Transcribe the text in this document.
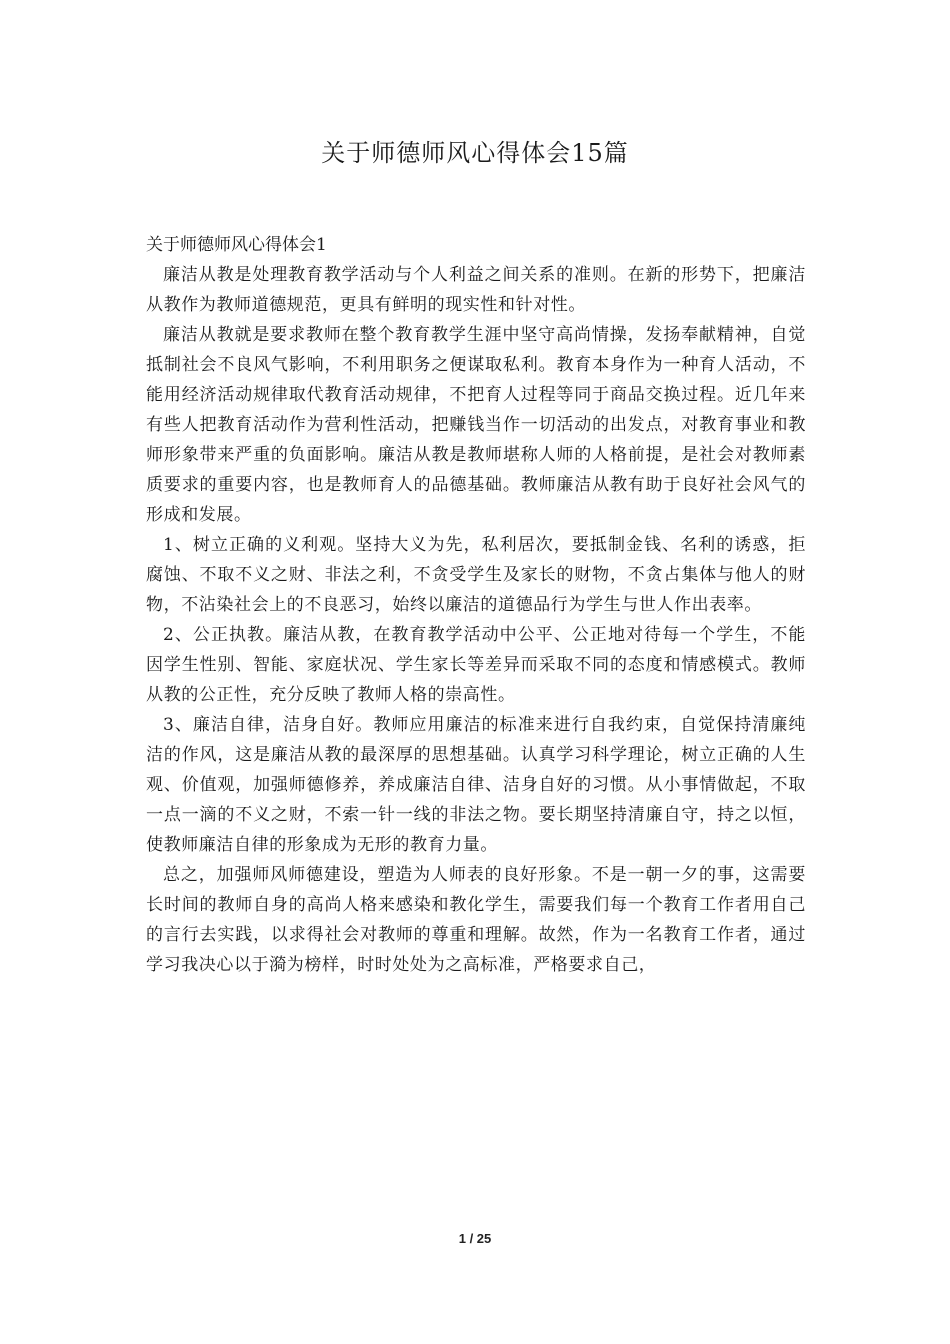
关于师德师风心得体会15篇
关于师德师风心得体会1

廉洁从教是处理教育教学活动与个人利益之间关系的准则。在新的形势下，把廉洁从教作为教师道德规范，更具有鲜明的现实性和针对性。

廉洁从教就是要求教师在整个教育教学生涯中坚守高尚情操，发扬奉献精神，自觉抵制社会不良风气影响，不利用职务之便谋取私利。教育本身作为一种育人活动，不能用经济活动规律取代教育活动规律，不把育人过程等同于商品交换过程。近几年来有些人把教育活动作为营利性活动，把赚钱当作一切活动的出发点，对教育事业和教师形象带来严重的负面影响。廉洁从教是教师堪称人师的人格前提，是社会对教师素质要求的重要内容，也是教师育人的品德基础。教师廉洁从教有助于良好社会风气的形成和发展。

1、树立正确的义利观。坚持大义为先，私利居次，要抵制金钱、名利的诱惑，拒腐蚀、不取不义之财、非法之利，不贪受学生及家长的财物，不贪占集体与他人的财物，不沾染社会上的不良恶习，始终以廉洁的道德品行为学生与世人作出表率。

2、公正执教。廉洁从教，在教育教学活动中公平、公正地对待每一个学生，不能因学生性别、智能、家庭状况、学生家长等差异而采取不同的态度和情感模式。教师从教的公正性，充分反映了教师人格的崇高性。

3、廉洁自律，洁身自好。教师应用廉洁的标准来进行自我约束，自觉保持清廉纯洁的作风，这是廉洁从教的最深厚的思想基础。认真学习科学理论，树立正确的人生观、价值观，加强师德修养，养成廉洁自律、洁身自好的习惯。从小事情做起，不取一点一滴的不义之财，不索一针一线的非法之物。要长期坚持清廉自守，持之以恒，使教师廉洁自律的形象成为无形的教育力量。

总之，加强师风师德建设，塑造为人师表的良好形象。不是一朝一夕的事，这需要长时间的教师自身的高尚人格来感染和教化学生，需要我们每一个教育工作者用自己的言行去实践，以求得社会对教师的尊重和理解。故然，作为一名教育工作者，通过学习我决心以于漪为榜样，时时处处为之高标准，严格要求自己，

1 / 25
